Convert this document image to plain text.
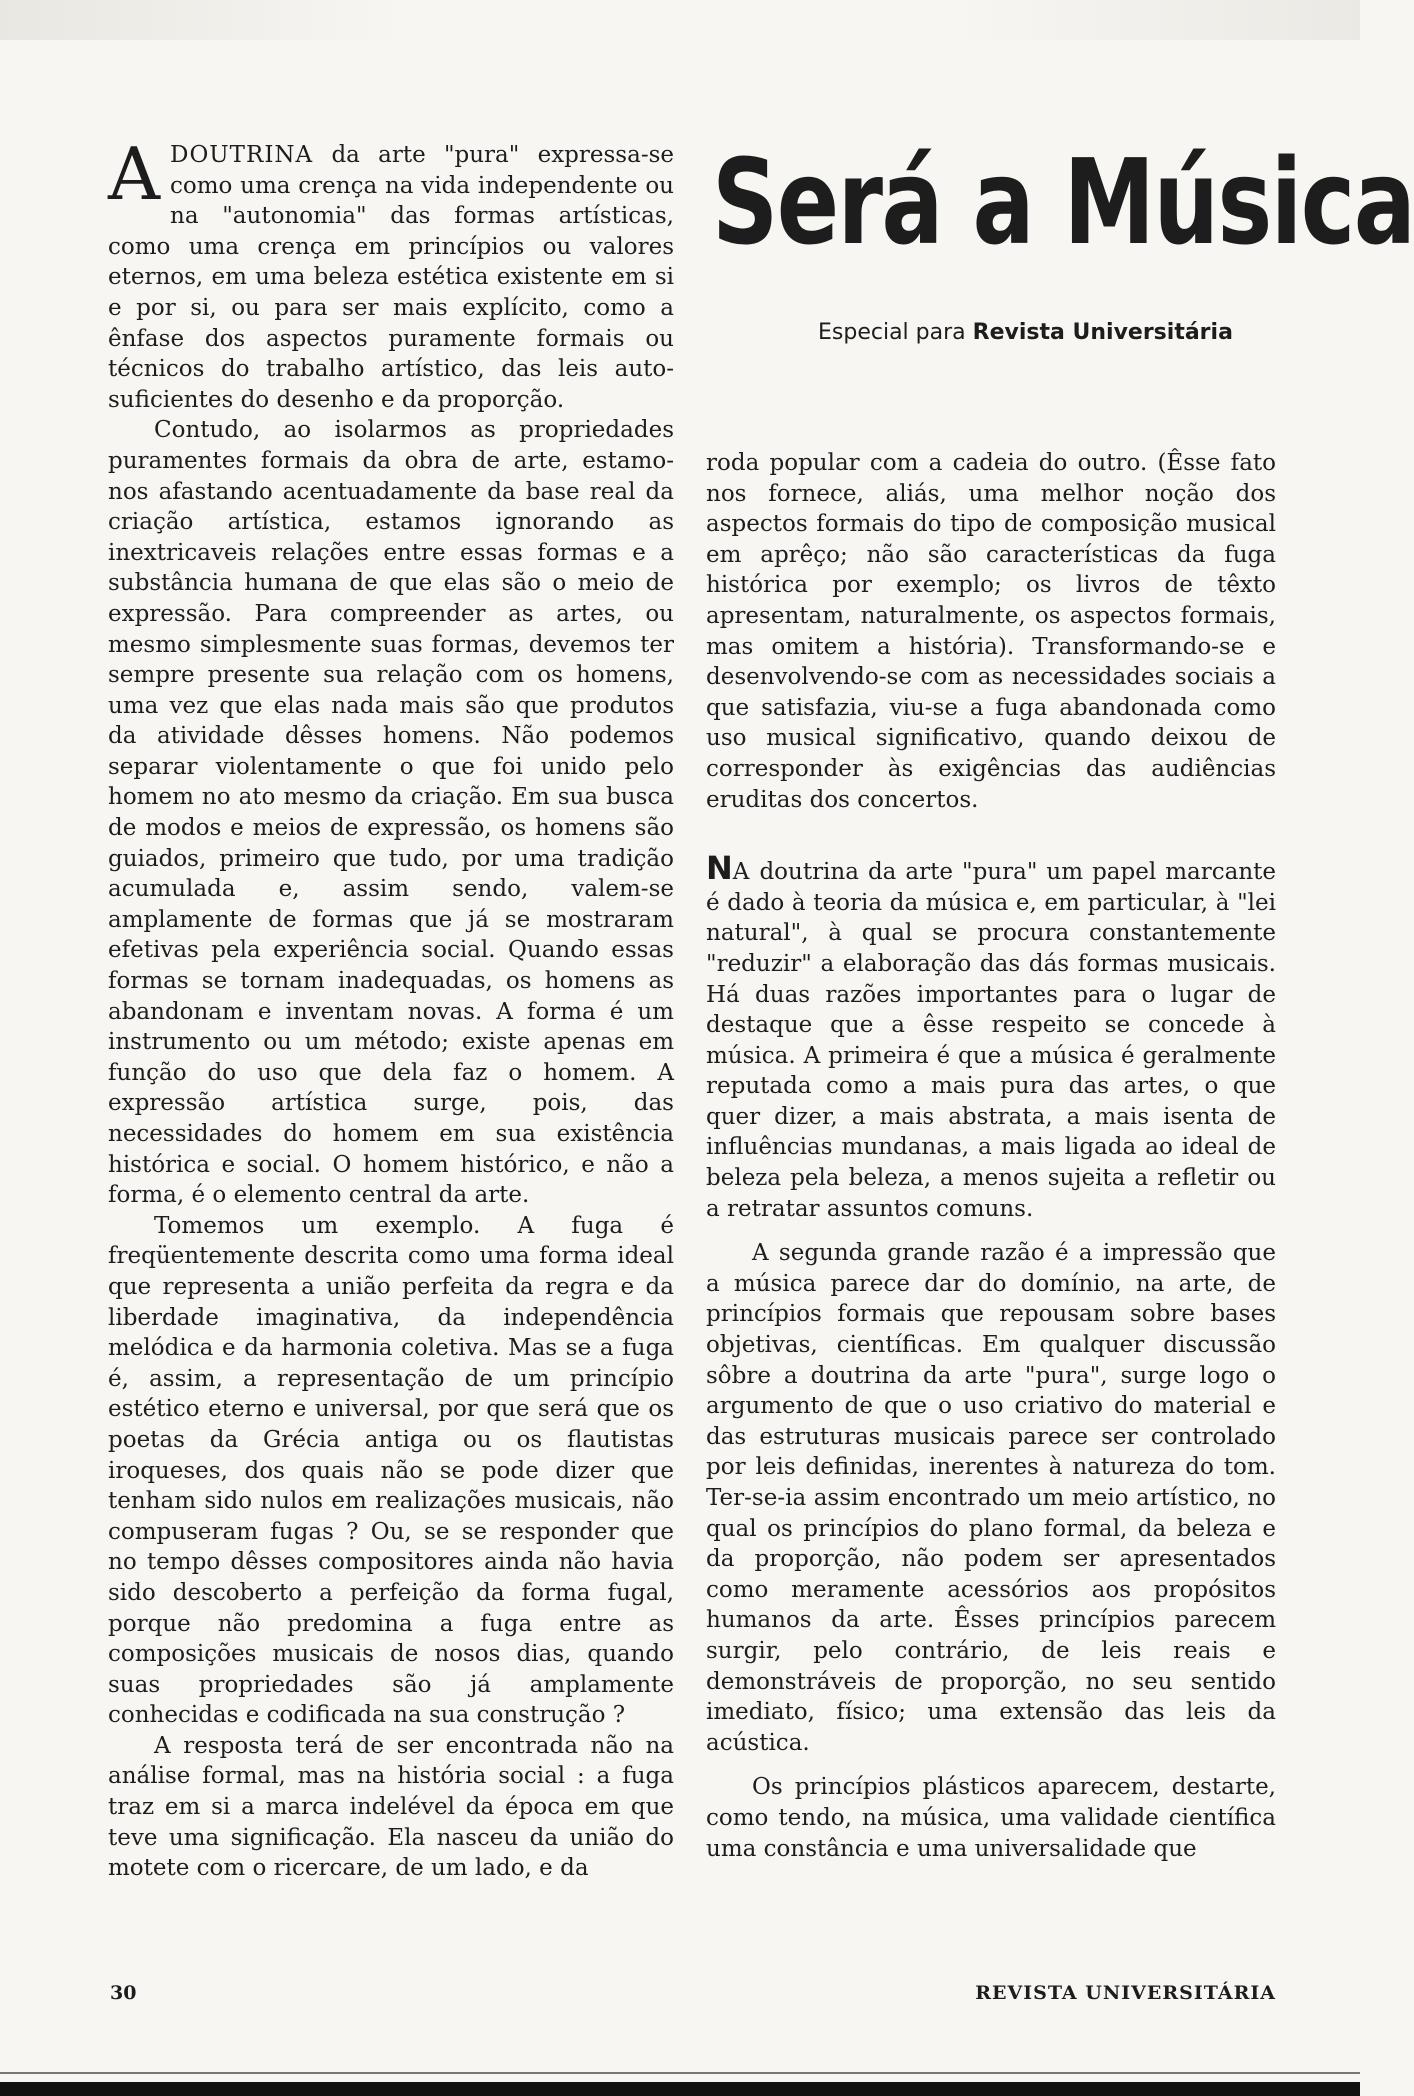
ADOUTRINA da arte "pura" expressa-se como uma crença na vida independente ou na "autonomia" das formas artísticas, como uma crença em princípios ou valores eternos, em uma beleza estética existente em si e por si, ou para ser mais explícito, como a ênfase dos aspectos puramente formais ou técnicos do trabalho artístico, das leis auto-suficientes do desenho e da proporção.

Contudo, ao isolarmos as propriedades puramentes formais da obra de arte, estamo-nos afastando acentuadamente da base real da criação artística, estamos ignorando as inextricaveis relações entre essas formas e a substância humana de que elas são o meio de expressão. Para compreender as artes, ou mesmo simplesmente suas formas, devemos ter sempre presente sua relação com os homens, uma vez que elas nada mais são que produtos da atividade dêsses homens. Não podemos separar violentamente o que foi unido pelo homem no ato mesmo da criação. Em sua busca de modos e meios de expressão, os homens são guiados, primeiro que tudo, por uma tradição acumulada e, assim sendo, valem-se amplamente de formas que já se mostraram efetivas pela experiência social. Quando essas formas se tornam inadequadas, os homens as abandonam e inventam novas. A forma é um instrumento ou um método; existe apenas em função do uso que dela faz o homem. A expressão artística surge, pois, das necessidades do homem em sua existência histórica e social. O homem histórico, e não a forma, é o elemento central da arte.

Tomemos um exemplo. A fuga é freqüentemente descrita como uma forma ideal que representa a união perfeita da regra e da liberdade imaginativa, da independência melódica e da harmonia coletiva. Mas se a fuga é, assim, a representação de um princípio estético eterno e universal, por que será que os poetas da Grécia antiga ou os flautistas iroqueses, dos quais não se pode dizer que tenham sido nulos em realizações musicais, não compuseram fugas ? Ou, se se responder que no tempo dêsses compositores ainda não havia sido descoberto a perfeição da forma fugal, porque não predomina a fuga entre as composições musicais de nosos dias, quando suas propriedades são já amplamente conhecidas e codificada na sua construção ?

A resposta terá de ser encontrada não na análise formal, mas na história social : a fuga traz em si a marca indelével da época em que teve uma significação. Ela nasceu da união do motete com o ricercare, de um lado, e da

Será a Música
Especial para Revista Universitária

roda popular com a cadeia do outro. (Êsse fato nos fornece, aliás, uma melhor noção dos aspectos formais do tipo de composição musical em aprêço; não são características da fuga histórica por exemplo; os livros de têxto apresentam, naturalmente, os aspectos formais, mas omitem a história). Transformando-se e desenvolvendo-se com as necessidades sociais a que satisfazia, viu-se a fuga abandonada como uso musical significativo, quando deixou de corresponder às exigências das audiências eruditas dos concertos.

NA doutrina da arte "pura" um papel marcante é dado à teoria da música e, em particular, à "lei natural", à qual se procura constantemente "reduzir" a elaboração das dás formas musicais. Há duas razões importantes para o lugar de destaque que a êsse respeito se concede à música. A primeira é que a música é geralmente reputada como a mais pura das artes, o que quer dizer, a mais abstrata, a mais isenta de influências mundanas, a mais ligada ao ideal de beleza pela beleza, a menos sujeita a refletir ou a retratar assuntos comuns.

A segunda grande razão é a impressão que a música parece dar do domínio, na arte, de princípios formais que repousam sobre bases objetivas, científicas. Em qualquer discussão sôbre a doutrina da arte "pura", surge logo o argumento de que o uso criativo do material e das estruturas musicais parece ser controlado por leis definidas, inerentes à natureza do tom. Ter-se-ia assim encontrado um meio artístico, no qual os princípios do plano formal, da beleza e da proporção, não podem ser apresentados como meramente acessórios aos propósitos humanos da arte. Êsses princípios parecem surgir, pelo contrário, de leis reais e demonstráveis de proporção, no seu sentido imediato, físico; uma extensão das leis da acústica.

Os princípios plásticos aparecem, destarte, como tendo, na música, uma validade científica uma constância e uma universalidade que

30	REVISTA UNIVERSITÁRIA
